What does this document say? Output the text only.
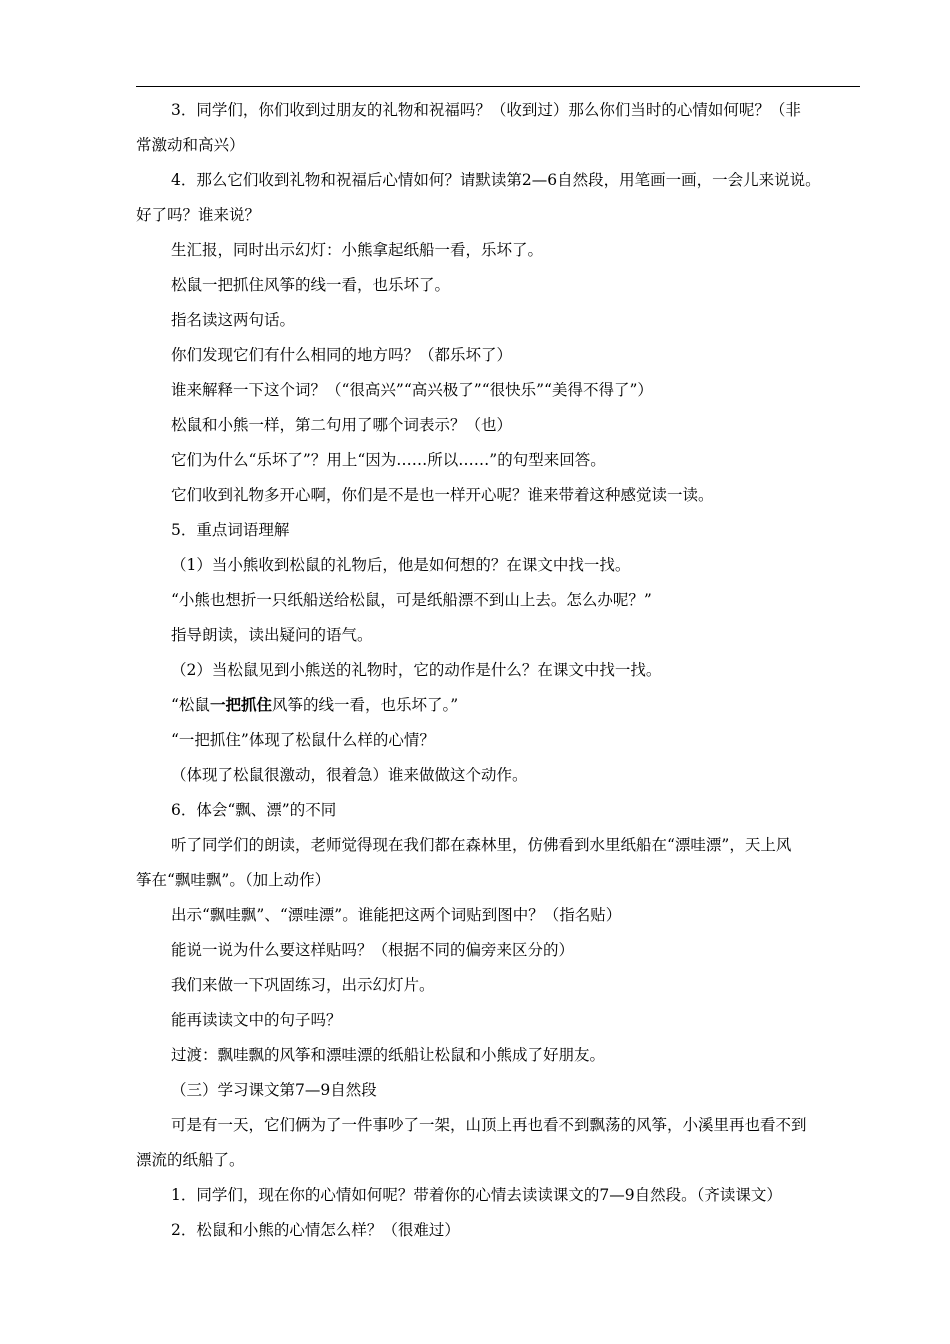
3．同学们，你们收到过朋友的礼物和祝福吗？（收到过）那么你们当时的心情如何呢？（非
常激动和高兴）
4．那么它们收到礼物和祝福后心情如何？请默读第2—6自然段，用笔画一画，一会儿来说说。
好了吗？谁来说？
生汇报，同时出示幻灯：小熊拿起纸船一看，乐坏了。
松鼠一把抓住风筝的线一看，也乐坏了。
指名读这两句话。
你们发现它们有什么相同的地方吗？（都乐坏了）
谁来解释一下这个词？（“很高兴”“高兴极了”“很快乐”“美得不得了”）
松鼠和小熊一样，第二句用了哪个词表示？（也）
它们为什么“乐坏了”？用上“因为……所以……”的句型来回答。
它们收到礼物多开心啊，你们是不是也一样开心呢？谁来带着这种感觉读一读。
5．重点词语理解
（1）当小熊收到松鼠的礼物后，他是如何想的？在课文中找一找。
“小熊也想折一只纸船送给松鼠，可是纸船漂不到山上去。怎么办呢？”
指导朗读，读出疑问的语气。
（2）当松鼠见到小熊送的礼物时，它的动作是什么？在课文中找一找。
“松鼠一把抓住风筝的线一看，也乐坏了。”
“一把抓住”体现了松鼠什么样的心情？
（体现了松鼠很激动，很着急）谁来做做这个动作。
6．体会“飘、漂”的不同
听了同学们的朗读，老师觉得现在我们都在森林里，仿佛看到水里纸船在“漂哇漂”，天上风
筝在“飘哇飘”。（加上动作）
出示“飘哇飘”、“漂哇漂”。谁能把这两个词贴到图中？（指名贴）
能说一说为什么要这样贴吗？（根据不同的偏旁来区分的）
我们来做一下巩固练习，出示幻灯片。
能再读读文中的句子吗？
过渡：飘哇飘的风筝和漂哇漂的纸船让松鼠和小熊成了好朋友。
（三）学习课文第7—9自然段
可是有一天，它们俩为了一件事吵了一架，山顶上再也看不到飘荡的风筝，小溪里再也看不到
漂流的纸船了。
1．同学们，现在你的心情如何呢？带着你的心情去读读课文的7—9自然段。（齐读课文）
2．松鼠和小熊的心情怎么样？（很难过）
